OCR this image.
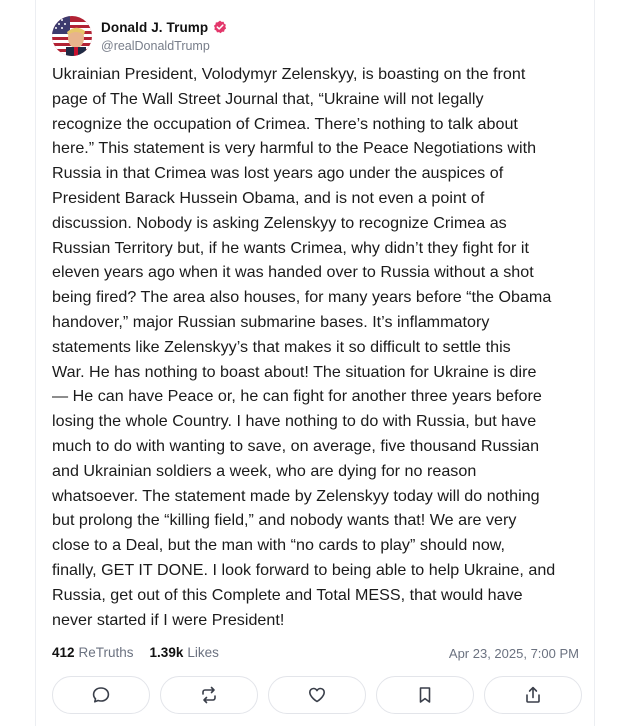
Donald J. Trump
@realDonaldTrump
Ukrainian President, Volodymyr Zelenskyy, is boasting on the front
page of The Wall Street Journal that, “Ukraine will not legally
recognize the occupation of Crimea. There’s nothing to talk about
here.” This statement is very harmful to the Peace Negotiations with
Russia in that Crimea was lost years ago under the auspices of
President Barack Hussein Obama, and is not even a point of
discussion. Nobody is asking Zelenskyy to recognize Crimea as
Russian Territory but, if he wants Crimea, why didn’t they fight for it
eleven years ago when it was handed over to Russia without a shot
being fired? The area also houses, for many years before “the Obama
handover,” major Russian submarine bases. It’s inflammatory
statements like Zelenskyy’s that makes it so difficult to settle this
War. He has nothing to boast about! The situation for Ukraine is dire
— He can have Peace or, he can fight for another three years before
losing the whole Country. I have nothing to do with Russia, but have
much to do with wanting to save, on average, five thousand Russian
and Ukrainian soldiers a week, who are dying for no reason
whatsoever. The statement made by Zelenskyy today will do nothing
but prolong the “killing field,” and nobody wants that! We are very
close to a Deal, but the man with “no cards to play” should now,
finally, GET IT DONE. I look forward to being able to help Ukraine, and
Russia, get out of this Complete and Total MESS, that would have
never started if I were President!
412 ReTruths 1.39k Likes	Apr 23, 2025, 7:00 PM
